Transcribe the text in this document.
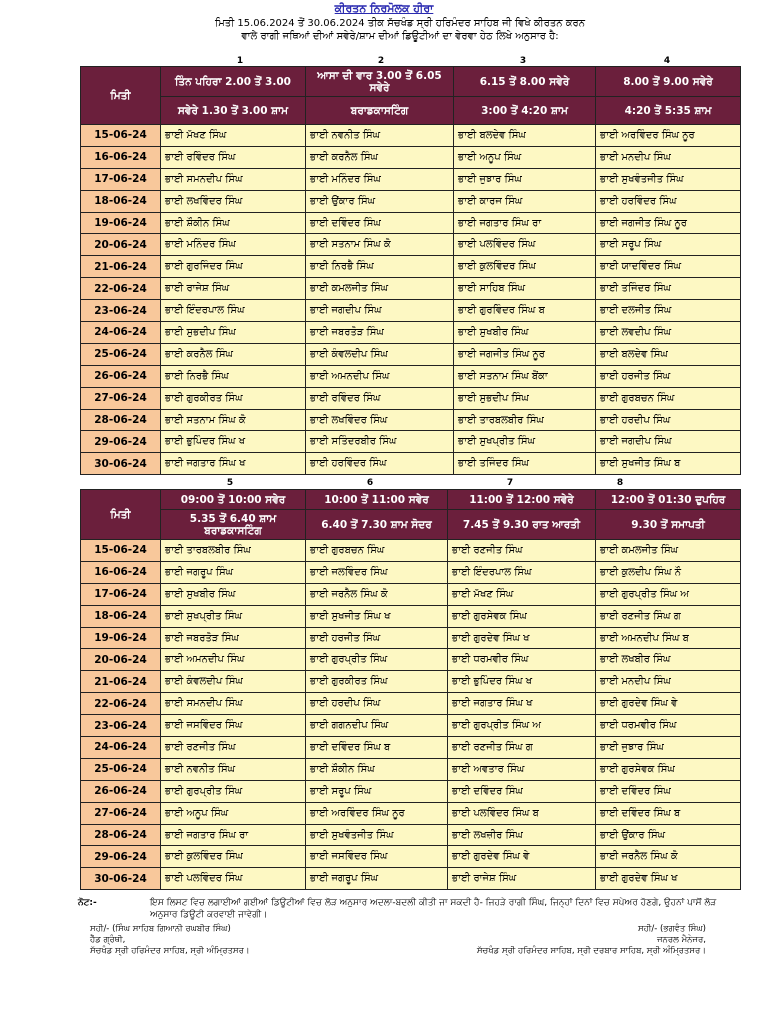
ਕੀਰਤਨ ਨਿਰਮੋਲਕ ਹੀਰਾ
ਮਿਤੀ 15.06.2024 ਤੋਂ 30.06.2024 ਤੀਕ ਸੱਚਖੰਡ ਸ੍ਰੀ ਹਰਿਮੰਦਰ ਸਾਹਿਬ ਜੀ ਵਿਖੇ ਕੀਰਤਨ ਕਰਨ
ਵਾਲੇ ਰਾਗੀ ਜਥਿਆਂ ਦੀਆਂ ਸਵੇਰੇ/ਸ਼ਾਮ ਦੀਆਂ ਡਿਊਟੀਆਂ ਦਾ ਵੇਰਵਾ ਹੇਠ ਲਿਖੇ ਅਨੁਸਾਰ ਹੈ:
1	2	3	4
ਮਿਤੀ	ਤਿੰਨ ਪਹਿਰਾ 2.00 ਤੋਂ 3.00	ਆਸਾ ਦੀ ਵਾਰ 3.00 ਤੋਂ 6.05 ਸਵੇਰੇ	6.15 ਤੋਂ 8.00 ਸਵੇਰੇ	8.00 ਤੋਂ 9.00 ਸਵੇਰੇ
	ਸਵੇਰੇ 1.30 ਤੋਂ 3.00 ਸ਼ਾਮ	ਬਰਾਡਕਾਸਟਿੰਗ	3:00 ਤੋਂ 4:20 ਸ਼ਾਮ	4:20 ਤੋਂ 5:35 ਸ਼ਾਮ
15-06-24	ਭਾਈ ਮੱਖਣ ਸਿੰਘ	ਭਾਈ ਨਵਨੀਤ ਸਿੰਘ	ਭਾਈ ਬਲਦੇਵ ਸਿੰਘ	ਭਾਈ ਅਰਵਿੰਦਰ ਸਿੰਘ ਨੂਰ
16-06-24	ਭਾਈ ਰਵਿੰਦਰ ਸਿੰਘ	ਭਾਈ ਕਰਨੈਲ ਸਿੰਘ	ਭਾਈ ਅਨੂਪ ਸਿੰਘ	ਭਾਈ ਮਨਦੀਪ ਸਿੰਘ
17-06-24	ਭਾਈ ਸਮਨਦੀਪ ਸਿੰਘ	ਭਾਈ ਮਨਿੰਦਰ ਸਿੰਘ	ਭਾਈ ਜੁਝਾਰ ਸਿੰਘ	ਭਾਈ ਸੁਖਵੰਤਜੀਤ ਸਿੰਘ
18-06-24	ਭਾਈ ਲਖਵਿੰਦਰ ਸਿੰਘ	ਭਾਈ ਉਂਕਾਰ ਸਿੰਘ	ਭਾਈ ਕਾਰਜ ਸਿੰਘ	ਭਾਈ ਹਰਵਿੰਦਰ ਸਿੰਘ
19-06-24	ਭਾਈ ਸ਼ੌਕੀਨ ਸਿੰਘ	ਭਾਈ ਦਵਿੰਦਰ ਸਿੰਘ	ਭਾਈ ਜਗਤਾਰ ਸਿੰਘ ਰਾ	ਭਾਈ ਜਗਜੀਤ ਸਿੰਘ ਨੂਰ
20-06-24	ਭਾਈ ਮਨਿੰਦਰ ਸਿੰਘ	ਭਾਈ ਸਤਨਾਮ ਸਿੰਘ ਕੋ	ਭਾਈ ਪਲਵਿੰਦਰ ਸਿੰਘ	ਭਾਈ ਸਰੂਪ ਸਿੰਘ
21-06-24	ਭਾਈ ਗੁਰਜਿੰਦਰ ਸਿੰਘ	ਭਾਈ ਨਿਰਭੈ ਸਿੰਘ	ਭਾਈ ਕੁਲਵਿੰਦਰ ਸਿੰਘ	ਭਾਈ ਯਾਦਵਿੰਦਰ ਸਿੰਘ
22-06-24	ਭਾਈ ਰਾਜੇਸ਼ ਸਿੰਘ	ਭਾਈ ਕਮਲਜੀਤ ਸਿੰਘ	ਭਾਈ ਸਾਹਿਬ ਸਿੰਘ	ਭਾਈ ਤਜਿੰਦਰ ਸਿੰਘ
23-06-24	ਭਾਈ ਇੰਦਰਪਾਲ ਸਿੰਘ	ਭਾਈ ਜਗਦੀਪ ਸਿੰਘ	ਭਾਈ ਗੁਰਵਿੰਦਰ ਸਿੰਘ ਬ	ਭਾਈ ਦਲਜੀਤ ਸਿੰਘ
24-06-24	ਭਾਈ ਸੁਭਦੀਪ ਸਿੰਘ	ਭਾਈ ਜਬਰਤੋੜ ਸਿੰਘ	ਭਾਈ ਸੁਖਬੀਰ ਸਿੰਘ	ਭਾਈ ਲਵਦੀਪ ਸਿੰਘ
25-06-24	ਭਾਈ ਕਰਨੈਲ ਸਿੰਘ	ਭਾਈ ਕੰਵਲਦੀਪ ਸਿੰਘ	ਭਾਈ ਜਗਜੀਤ ਸਿੰਘ ਨੂਰ	ਭਾਈ ਬਲਦੇਵ ਸਿੰਘ
26-06-24	ਭਾਈ ਨਿਰਭੈ ਸਿੰਘ	ਭਾਈ ਅਮਨਦੀਪ ਸਿੰਘ	ਭਾਈ ਸਤਨਾਮ ਸਿੰਘ ਬੋਂਕਾ	ਭਾਈ ਹਰਜੀਤ ਸਿੰਘ
27-06-24	ਭਾਈ ਗੁਰਕੀਰਤ ਸਿੰਘ	ਭਾਈ ਰਵਿੰਦਰ ਸਿੰਘ	ਭਾਈ ਸੁਭਦੀਪ ਸਿੰਘ	ਭਾਈ ਗੁਰਬਚਨ ਸਿੰਘ
28-06-24	ਭਾਈ ਸਤਨਾਮ ਸਿੰਘ ਕੋ	ਭਾਈ ਲਖਵਿੰਦਰ ਸਿੰਘ	ਭਾਈ ਤਾਰਬਲਬੀਰ ਸਿੰਘ	ਭਾਈ ਹਰਦੀਪ ਸਿੰਘ
29-06-24	ਭਾਈ ਭੁਪਿੰਦਰ ਸਿੰਘ ਖ	ਭਾਈ ਸਤਿੰਦਰਬੀਰ ਸਿੰਘ	ਭਾਈ ਸੁਖਪ੍ਰੀਤ ਸਿੰਘ	ਭਾਈ ਜਗਦੀਪ ਸਿੰਘ
30-06-24	ਭਾਈ ਜਗਤਾਰ ਸਿੰਘ ਖ	ਭਾਈ ਹਰਵਿੰਦਰ ਸਿੰਘ	ਭਾਈ ਤਜਿੰਦਰ ਸਿੰਘ	ਭਾਈ ਸੁਖਜੀਤ ਸਿੰਘ ਬ
5	6	7	8
ਮਿਤੀ	09:00 ਤੋਂ 10:00 ਸਵੇਰ	10:00 ਤੋਂ 11:00 ਸਵੇਰ	11:00 ਤੋਂ 12:00 ਸਵੇਰੇ	12:00 ਤੋਂ 01:30 ਦੁਪਹਿਰ
	5.35 ਤੋਂ 6.40 ਸ਼ਾਮ ਬਰਾਡਕਾਸਟਿੰਗ	6.40 ਤੋਂ 7.30 ਸ਼ਾਮ ਸੋਦਰ	7.45 ਤੋਂ 9.30 ਰਾਤ ਆਰਤੀ	9.30 ਤੋਂ ਸਮਾਪਤੀ
15-06-24	ਭਾਈ ਤਾਰਬਲਬੀਰ ਸਿੰਘ	ਭਾਈ ਗੁਰਬਚਨ ਸਿੰਘ	ਭਾਈ ਰਣਜੀਤ ਸਿੰਘ	ਭਾਈ ਕਮਲਜੀਤ ਸਿੰਘ
16-06-24	ਭਾਈ ਜਗਰੂਪ ਸਿੰਘ	ਭਾਈ ਜਲਵਿੰਦਰ ਸਿੰਘ	ਭਾਈ ਇੰਦਰਪਾਲ ਸਿੰਘ	ਭਾਈ ਕੁਲਦੀਪ ਸਿੰਘ ਨੌ
17-06-24	ਭਾਈ ਸੁਖਬੀਰ ਸਿੰਘ	ਭਾਈ ਜਰਨੈਲ ਸਿੰਘ ਕੋ	ਭਾਈ ਮੱਖਣ ਸਿੰਘ	ਭਾਈ ਗੁਰਪ੍ਰੀਤ ਸਿੰਘ ਅ
18-06-24	ਭਾਈ ਸੁਖਪ੍ਰੀਤ ਸਿੰਘ	ਭਾਈ ਸੁਖਜੀਤ ਸਿੰਘ ਖ	ਭਾਈ ਗੁਰਸੇਵਕ ਸਿੰਘ	ਭਾਈ ਰਣਜੀਤ ਸਿੰਘ ਗ
19-06-24	ਭਾਈ ਜਬਰਤੋੜ ਸਿੰਘ	ਭਾਈ ਹਰਜੀਤ ਸਿੰਘ	ਭਾਈ ਗੁਰਦੇਵ ਸਿੰਘ ਖ	ਭਾਈ ਅਮਨਦੀਪ ਸਿੰਘ ਬ
20-06-24	ਭਾਈ ਅਮਨਦੀਪ ਸਿੰਘ	ਭਾਈ ਗੁਰਪ੍ਰੀਤ ਸਿੰਘ	ਭਾਈ ਧਰਮਵੀਰ ਸਿੰਘ	ਭਾਈ ਲਖਬੀਰ ਸਿੰਘ
21-06-24	ਭਾਈ ਕੰਵਲਦੀਪ ਸਿੰਘ	ਭਾਈ ਗੁਰਕੀਰਤ ਸਿੰਘ	ਭਾਈ ਭੁਪਿੰਦਰ ਸਿੰਘ ਖ	ਭਾਈ ਮਨਦੀਪ ਸਿੰਘ
22-06-24	ਭਾਈ ਸਮਨਦੀਪ ਸਿੰਘ	ਭਾਈ ਹਰਦੀਪ ਸਿੰਘ	ਭਾਈ ਜਗਤਾਰ ਸਿੰਘ ਖ	ਭਾਈ ਗੁਰਦੇਵ ਸਿੰਘ ਵੇ
23-06-24	ਭਾਈ ਜਸਵਿੰਦਰ ਸਿੰਘ	ਭਾਈ ਗਗਨਦੀਪ ਸਿੰਘ	ਭਾਈ ਗੁਰਪ੍ਰੀਤ ਸਿੰਘ ਅ	ਭਾਈ ਧਰਮਵੀਰ ਸਿੰਘ
24-06-24	ਭਾਈ ਰਣਜੀਤ ਸਿੰਘ	ਭਾਈ ਦਵਿੰਦਰ ਸਿੰਘ ਬ	ਭਾਈ ਰਣਜੀਤ ਸਿੰਘ ਗ	ਭਾਈ ਜੁਝਾਰ ਸਿੰਘ
25-06-24	ਭਾਈ ਨਵਨੀਤ ਸਿੰਘ	ਭਾਈ ਸ਼ੌਕੀਨ ਸਿੰਘ	ਭਾਈ ਅਵਤਾਰ ਸਿੰਘ	ਭਾਈ ਗੁਰਸੇਵਕ ਸਿੰਘ
26-06-24	ਭਾਈ ਗੁਰਪ੍ਰੀਤ ਸਿੰਘ	ਭਾਈ ਸਰੂਪ ਸਿੰਘ	ਭਾਈ ਦਵਿੰਦਰ ਸਿੰਘ	ਭਾਈ ਦਵਿੰਦਰ ਸਿੰਘ
27-06-24	ਭਾਈ ਅਨੂਪ ਸਿੰਘ	ਭਾਈ ਅਰਵਿੰਦਰ ਸਿੰਘ ਨੂਰ	ਭਾਈ ਪਲਵਿੰਦਰ ਸਿੰਘ ਬ	ਭਾਈ ਦਵਿੰਦਰ ਸਿੰਘ ਬ
28-06-24	ਭਾਈ ਜਗਤਾਰ ਸਿੰਘ ਰਾ	ਭਾਈ ਸੁਖਵੰਤਜੀਤ ਸਿੰਘ	ਭਾਈ ਲਖਜ਼ੀਰ ਸਿੰਘ	ਭਾਈ ਉਂਕਾਰ ਸਿੰਘ
29-06-24	ਭਾਈ ਕੁਲਵਿੰਦਰ ਸਿੰਘ	ਭਾਈ ਜਸਵਿੰਦਰ ਸਿੰਘ	ਭਾਈ ਗੁਰਦੇਵ ਸਿੰਘ ਵੇ	ਭਾਈ ਜਰਨੈਲ ਸਿੰਘ ਕੋ
30-06-24	ਭਾਈ ਪਲਵਿੰਦਰ ਸਿੰਘ	ਭਾਈ ਜਗਰੂਪ ਸਿੰਘ	ਭਾਈ ਰਾਜੇਸ਼ ਸਿੰਘ	ਭਾਈ ਗੁਰਦੇਵ ਸਿੰਘ ਖ
ਨੋਟ:-	ਇਸ ਲਿਸਟ ਵਿਚ ਲਗਾਈਆਂ ਗਈਆਂ ਡਿਊਟੀਆਂ ਵਿਚ ਲੋੜ ਅਨੁਸਾਰ ਅਦਲਾ-ਬਦਲੀ ਕੀਤੀ ਜਾ ਸਕਦੀ ਹੈ- ਜਿਹੜੇ ਰਾਗੀ ਸਿੰਘ, ਜਿਨ੍ਹਾਂ ਦਿਨਾਂ ਵਿਚ ਸਪੇਅਰ ਹੋਣਗੇ, ਉਹਨਾਂ ਪਾਸੋਂ ਲੋੜ ਅਨੁਸਾਰ ਡਿਊਟੀ ਕਰਵਾਈ ਜਾਵੇਗੀ।
ਸਹੀ/- (ਸਿੰਘ ਸਾਹਿਬ ਗਿਆਨੀ ਰਘਬੀਰ ਸਿੰਘ)
ਹੈੱਡ ਗ੍ਰੰਥੀ,
ਸੱਚਖੰਡ ਸ੍ਰੀ ਹਰਿਮੰਦਰ ਸਾਹਿਬ, ਸ੍ਰੀ ਅੰਮ੍ਰਿਤਸਰ।
ਸਹੀ/- (ਭਗਵੰਤ ਸਿੰਘ)
ਜਨਰਲ ਮੈਨੇਜਰ,
ਸੱਚਖੰਡ ਸ੍ਰੀ ਹਰਿਮੰਦਰ ਸਾਹਿਬ, ਸ੍ਰੀ ਦਰਬਾਰ ਸਾਹਿਬ, ਸ੍ਰੀ ਅੰਮ੍ਰਿਤਸਰ।
